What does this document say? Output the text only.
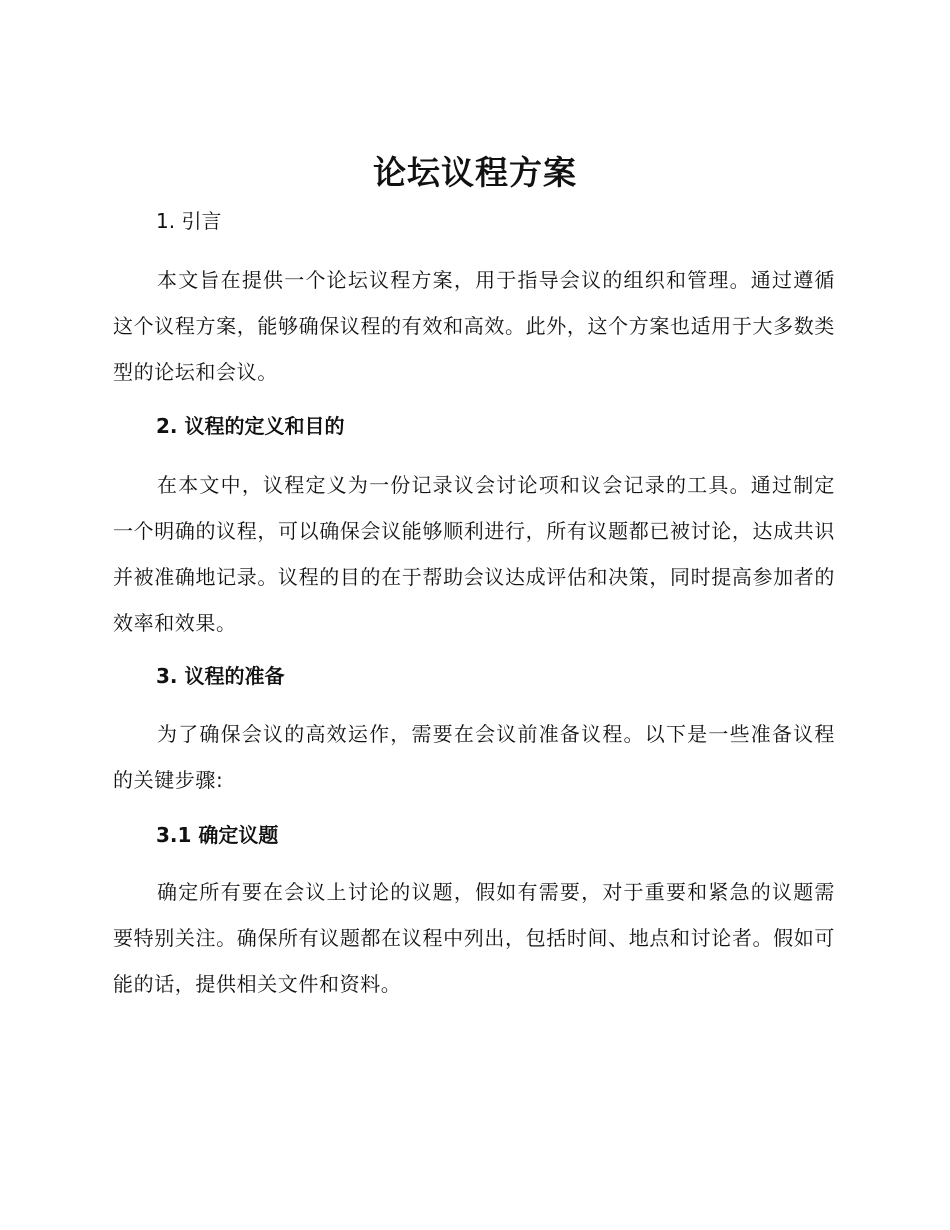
论坛议程方案
1. 引言
本文旨在提供一个论坛议程方案，用于指导会议的组织和管理。通过遵循这个议程方案，能够确保议程的有效和高效。此外，这个方案也适用于大多数类型的论坛和会议。
2. 议程的定义和目的
在本文中，议程定义为一份记录议会讨论项和议会记录的工具。通过制定一个明确的议程，可以确保会议能够顺利进行，所有议题都已被讨论，达成共识并被准确地记录。议程的目的在于帮助会议达成评估和决策，同时提高参加者的效率和效果。
3. 议程的准备
为了确保会议的高效运作，需要在会议前准备议程。以下是一些准备议程的关键步骤:
3.1 确定议题
确定所有要在会议上讨论的议题，假如有需要，对于重要和紧急的议题需要特别关注。确保所有议题都在议程中列出，包括时间、地点和讨论者。假如可能的话，提供相关文件和资料。
